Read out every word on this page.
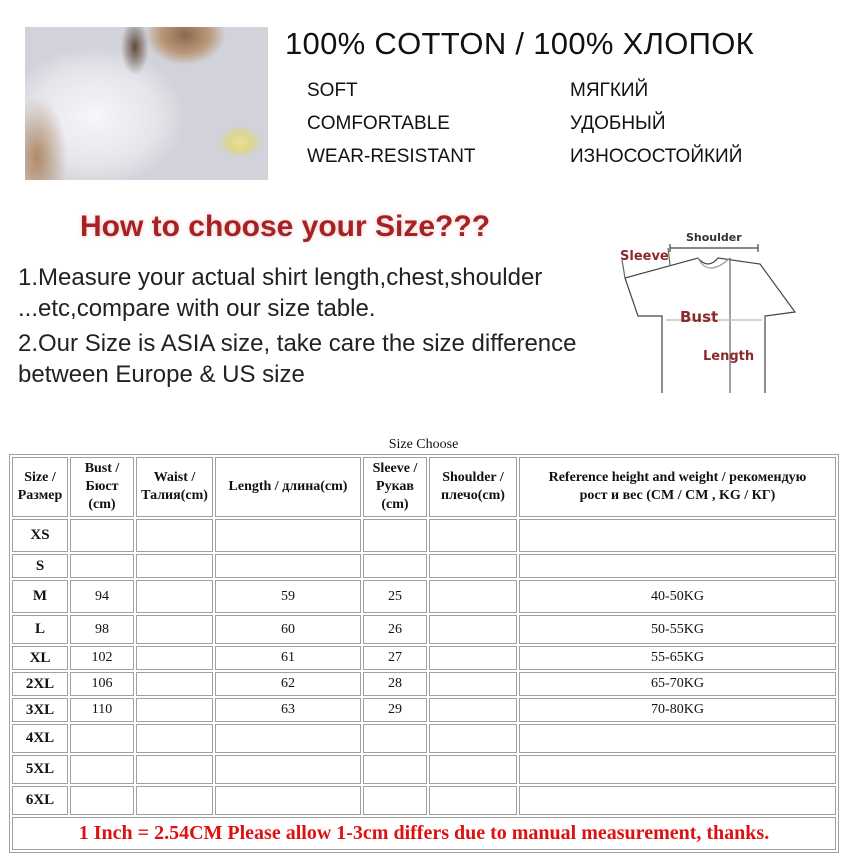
100% COTTON / 100% ХЛОПОК
SOFT
COMFORTABLE
WEAR-RESISTANT
МЯГКИЙ
УДОБНЫЙ
ИЗНОСОСТОЙКИЙ
How to choose your Size???
1.Measure your actual shirt length,chest,shoulder
...etc,compare with our size table.
2.Our Size is ASIA size, take care the size difference
between Europe & US size
Shoulder
Sleeve
Bust
Length
Size Choose
Size /
Размер	Bust /
Бюст
(cm)	Waist /
Талия(cm)	Length / длина(cm)	Sleeve /
Рукав
(cm)	Shoulder /
плечо(cm)	Reference height and weight / рекомендую
рост и вес (CM / CM , KG / КГ)
XS						
S						
M	94		59	25		40-50KG
L	98		60	26		50-55KG
XL	102		61	27		55-65KG
2XL	106		62	28		65-70KG
3XL	110		63	29		70-80KG
4XL						
5XL						
6XL						
1 Inch = 2.54CM Please allow 1-3cm differs due to manual measurement, thanks.						
